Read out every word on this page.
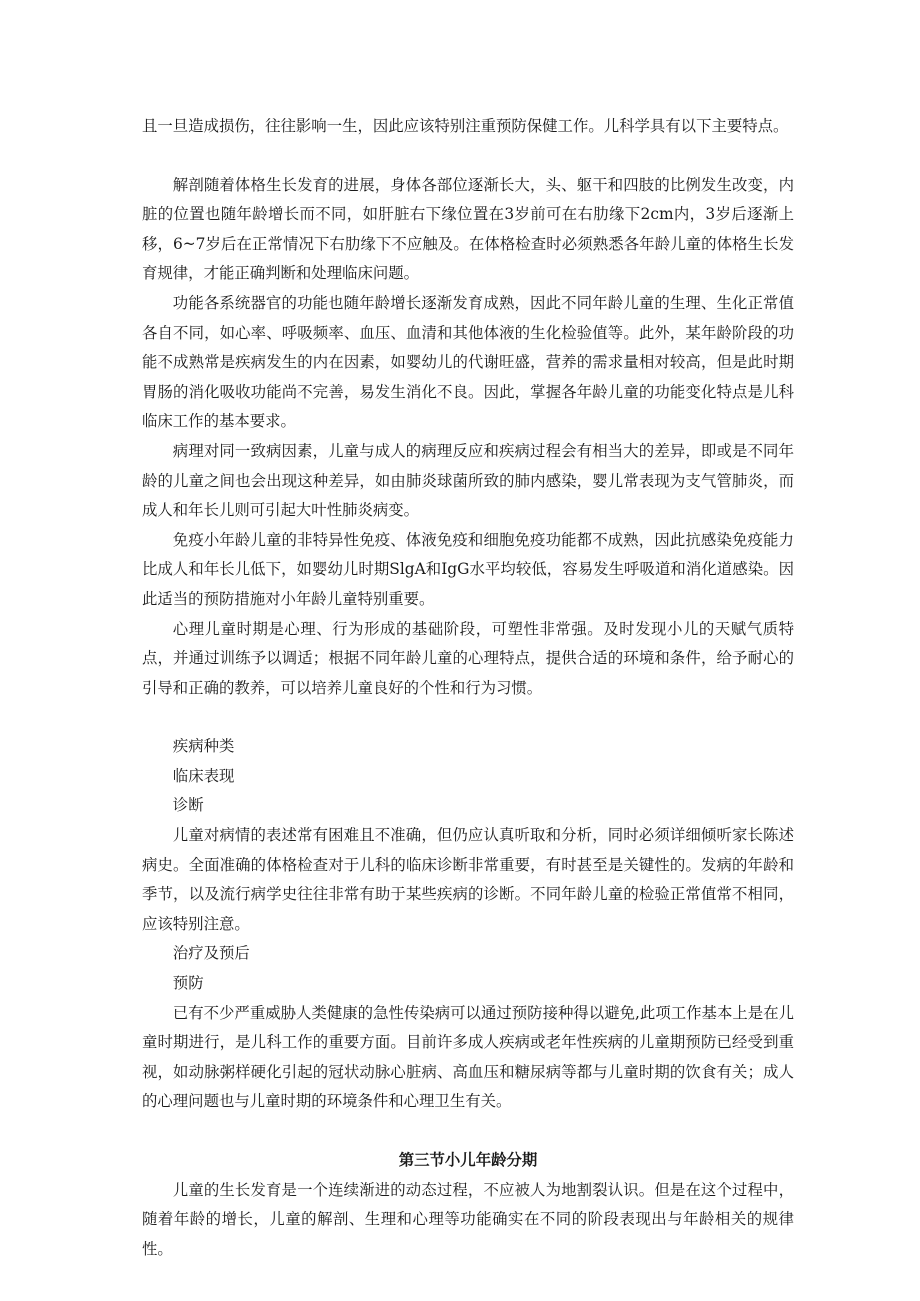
且一旦造成损伤，往往影响一生，因此应该特别注重预防保健工作。儿科学具有以下主要特点。

解剖随着体格生长发育的进展，身体各部位逐渐长大，头、躯干和四肢的比例发生改变，内脏的位置也随年龄增长而不同，如肝脏右下缘位置在3岁前可在右肋缘下2cm内，3岁后逐渐上移，6~7岁后在正常情况下右肋缘下不应触及。在体格检查时必须熟悉各年龄儿童的体格生长发育规律，才能正确判断和处理临床问题。

功能各系统器官的功能也随年龄增长逐渐发育成熟，因此不同年龄儿童的生理、生化正常值各自不同，如心率、呼吸频率、血压、血清和其他体液的生化检验值等。此外，某年龄阶段的功能不成熟常是疾病发生的内在因素，如婴幼儿的代谢旺盛，营养的需求量相对较高，但是此时期胃肠的消化吸收功能尚不完善，易发生消化不良。因此，掌握各年龄儿童的功能变化特点是儿科临床工作的基本要求。

病理对同一致病因素，儿童与成人的病理反应和疾病过程会有相当大的差异，即或是不同年龄的儿童之间也会出现这种差异，如由肺炎球菌所致的肺内感染，婴儿常表现为支气管肺炎，而成人和年长儿则可引起大叶性肺炎病变。

免疫小年龄儿童的非特异性免疫、体液免疫和细胞免疫功能都不成熟，因此抗感染免疫能力比成人和年长儿低下，如婴幼儿时期SlgA和IgG水平均较低，容易发生呼吸道和消化道感染。因此适当的预防措施对小年龄儿童特别重要。

心理儿童时期是心理、行为形成的基础阶段，可塑性非常强。及时发现小儿的天赋气质特点，并通过训练予以调适；根据不同年龄儿童的心理特点，提供合适的环境和条件，给予耐心的引导和正确的教养，可以培养儿童良好的个性和行为习惯。

疾病种类

临床表现

诊断

儿童对病情的表述常有困难且不准确，但仍应认真听取和分析，同时必须详细倾听家长陈述病史。全面准确的体格检查对于儿科的临床诊断非常重要，有时甚至是关键性的。发病的年龄和季节，以及流行病学史往往非常有助于某些疾病的诊断。不同年龄儿童的检验正常值常不相同，应该特别注意。

治疗及预后

预防

已有不少严重威胁人类健康的急性传染病可以通过预防接种得以避免,此项工作基本上是在儿童时期进行，是儿科工作的重要方面。目前许多成人疾病或老年性疾病的儿童期预防已经受到重视，如动脉粥样硬化引起的冠状动脉心脏病、高血压和糖尿病等都与儿童时期的饮食有关；成人的心理问题也与儿童时期的环境条件和心理卫生有关。

第三节小儿年龄分期

儿童的生长发育是一个连续渐进的动态过程，不应被人为地割裂认识。但是在这个过程中，随着年龄的增长，儿童的解剖、生理和心理等功能确实在不同的阶段表现出与年龄相关的规律性。
